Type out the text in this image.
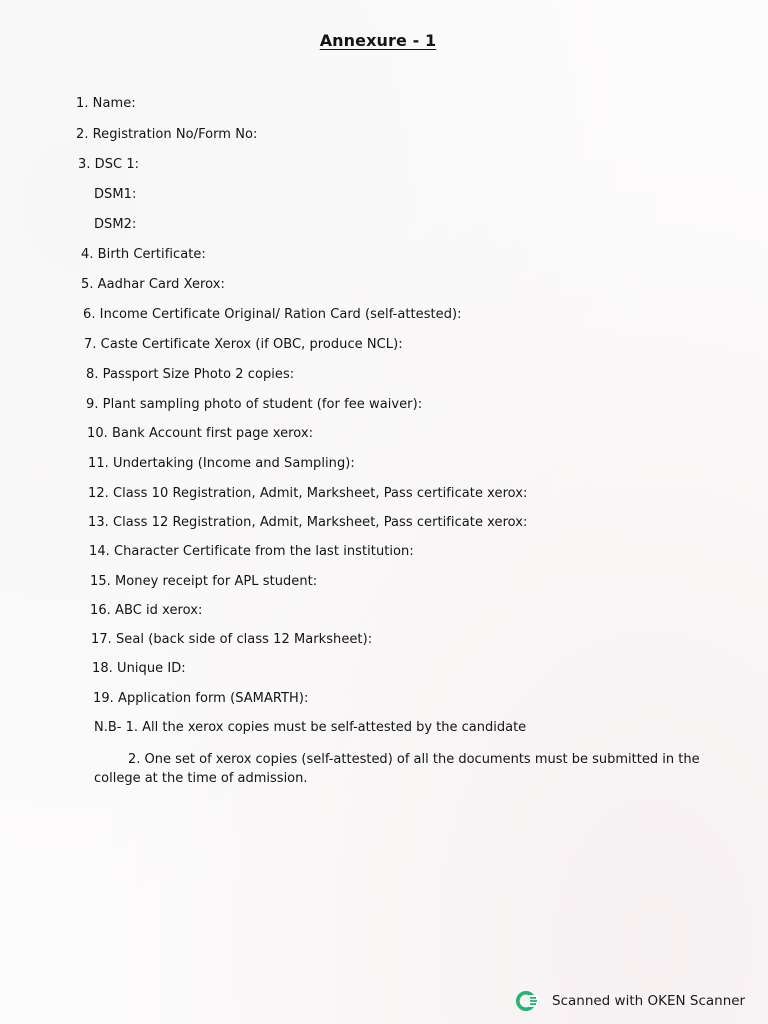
Annexure - 1
1. Name:
2. Registration No/Form No:
3. DSC 1:
DSM1:
DSM2:
4. Birth Certificate:
5. Aadhar Card Xerox:
6. Income Certificate Original/ Ration Card (self-attested):
7. Caste Certificate Xerox (if OBC, produce NCL):
8. Passport Size Photo 2 copies:
9. Plant sampling photo of student (for fee waiver):
10. Bank Account first page xerox:
11. Undertaking (Income and Sampling):
12. Class 10 Registration, Admit, Marksheet, Pass certificate xerox:
13. Class 12 Registration, Admit, Marksheet, Pass certificate xerox:
14. Character Certificate from the last institution:
15. Money receipt for APL student:
16. ABC id xerox:
17. Seal (back side of class 12 Marksheet):
18. Unique ID:
19. Application form (SAMARTH):
N.B- 1. All the xerox copies must be self-attested by the candidate
2. One set of xerox copies (self-attested) of all the documents must be submitted in the college at the time of admission.
Scanned with OKEN Scanner
